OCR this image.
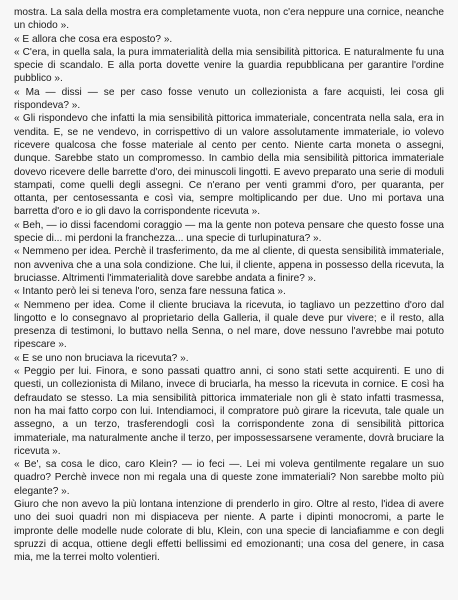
mostra. La sala della mostra era completamente vuota, non c'era neppure una cornice, neanche un chiodo ».

« E allora che cosa era esposto? ».

« C'era, in quella sala, la pura immaterialità della mia sensibilità pittorica. E naturalmente fu una specie di scandalo. E alla porta dovette venire la guardia repubblicana per garantire l'ordine pubblico ».

« Ma — dissi — se per caso fosse venuto un collezionista a fare acquisti, lei cosa gli rispondeva? ».

« Gli rispondevo che infatti la mia sensibilità pittorica immateriale, concentrata nella sala, era in vendita. E, se ne vendevo, in corrispettivo di un valore assolutamente immateriale, io volevo ricevere qualcosa che fosse materiale al cento per cento. Niente carta moneta o assegni, dunque. Sarebbe stato un compromesso. In cambio della mia sensibilità pittorica immateriale dovevo ricevere delle barrette d'oro, dei minuscoli lingotti. E avevo preparato una serie di moduli stampati, come quelli degli assegni. Ce n'erano per venti grammi d'oro, per quaranta, per ottanta, per centosessanta e così via, sempre moltiplicando per due. Uno mi portava una barretta d'oro e io gli davo la corrispondente ricevuta ».

« Beh, — io dissi facendomi coraggio — ma la gente non poteva pensare che questo fosse una specie di... mi perdoni la franchezza... una specie di turlupinatura? ».

« Nemmeno per idea. Perchè il trasferimento, da me al cliente, di questa sensibilità immateriale, non avveniva che a una sola condizione. Che lui, il cliente, appena in possesso della ricevuta, la bruciasse. Altrimenti l'immaterialità dove sarebbe andata a finire? ».

« Intanto però lei si teneva l'oro, senza fare nessuna fatica ».

« Nemmeno per idea. Come il cliente bruciava la ricevuta, io tagliavo un pezzettino d'oro dal lingotto e lo consegnavo al proprietario della Galleria, il quale deve pur vivere; e il resto, alla presenza di testimoni, lo buttavo nella Senna, o nel mare, dove nessuno l'avrebbe mai potuto ripescare ».

« E se uno non bruciava la ricevuta? ».

« Peggio per lui. Finora, e sono passati quattro anni, ci sono stati sette acquirenti. E uno di questi, un collezionista di Milano, invece di bruciarla, ha messo la ricevuta in cornice. E così ha defraudato se stesso. La mia sensibilità pittorica immateriale non gli è stato infatti trasmessa, non ha mai fatto corpo con lui. Intendiamoci, il compratore può girare la ricevuta, tale quale un assegno, a un terzo, trasferendogli così la corrispondente zona di sensibilità pittorica immateriale, ma naturalmente anche il terzo, per impossessarsene veramente, dovrà bruciare la ricevuta ».

« Be', sa cosa le dico, caro Klein? — io feci —. Lei mi voleva gentilmente regalare un suo quadro? Perchè invece non mi regala una di queste zone immateriali? Non sarebbe molto più elegante? ».

Giuro che non avevo la più lontana intenzione di prenderlo in giro. Oltre al resto, l'idea di avere uno dei suoi quadri non mi dispiaceva per niente. A parte i dipinti monocromi, a parte le impronte delle modelle nude colorate di blu, Klein, con una specie di lanciafiamme e con degli spruzzi di acqua, ottiene degli effetti bellissimi ed emozionanti; una cosa del genere, in casa mia, me la terrei molto volentieri.
